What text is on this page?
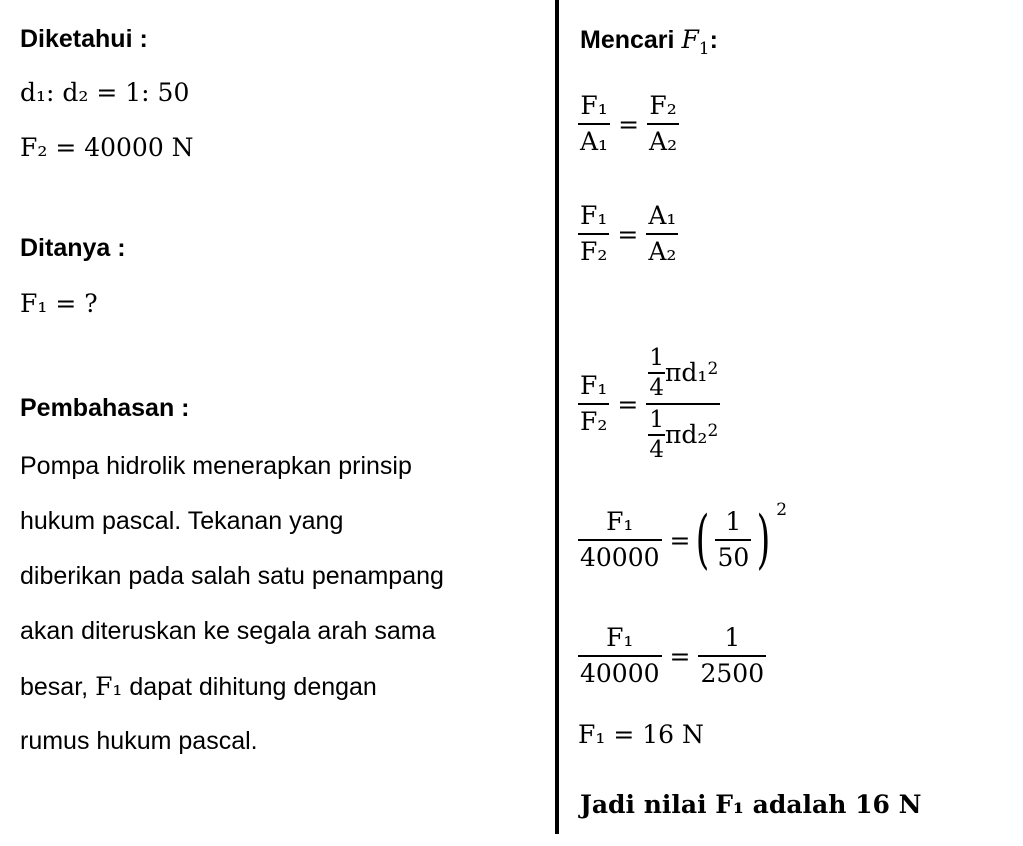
Diketahui :
d₁: d₂ = 1: 50
F₂ = 40000 N
Ditanya :
F₁ = ?
Pembahasan :
Pompa hidrolik menerapkan prinsip
hukum pascal. Tekanan yang
diberikan pada salah satu penampang
akan diteruskan ke segala arah sama
besar, F₁ dapat dihitung dengan
rumus hukum pascal.
Mencari $F_1$:
$\frac{\text{F₁}}{\text{A₁}} = \frac{\text{F₂}}{\text{A₂}}$
$\frac{\text{F₁}}{\text{F₂}} = \frac{\text{A₁}}{\text{A₂}}$
$\frac{\text{F₁}}{\text{F₂}} = \frac{\frac{1}{4} \pi d_1^2}{\frac{1}{4} \pi d_2^2}$
$\frac{\text{F₁}}{40000}$ = ( $\frac{1}{50}$ ) 2
$\frac{\text{F₁}}{40000} = \frac{1}{2500}$
F₁ = 16 N
Jadi nilai F₁ adalah 16 N
